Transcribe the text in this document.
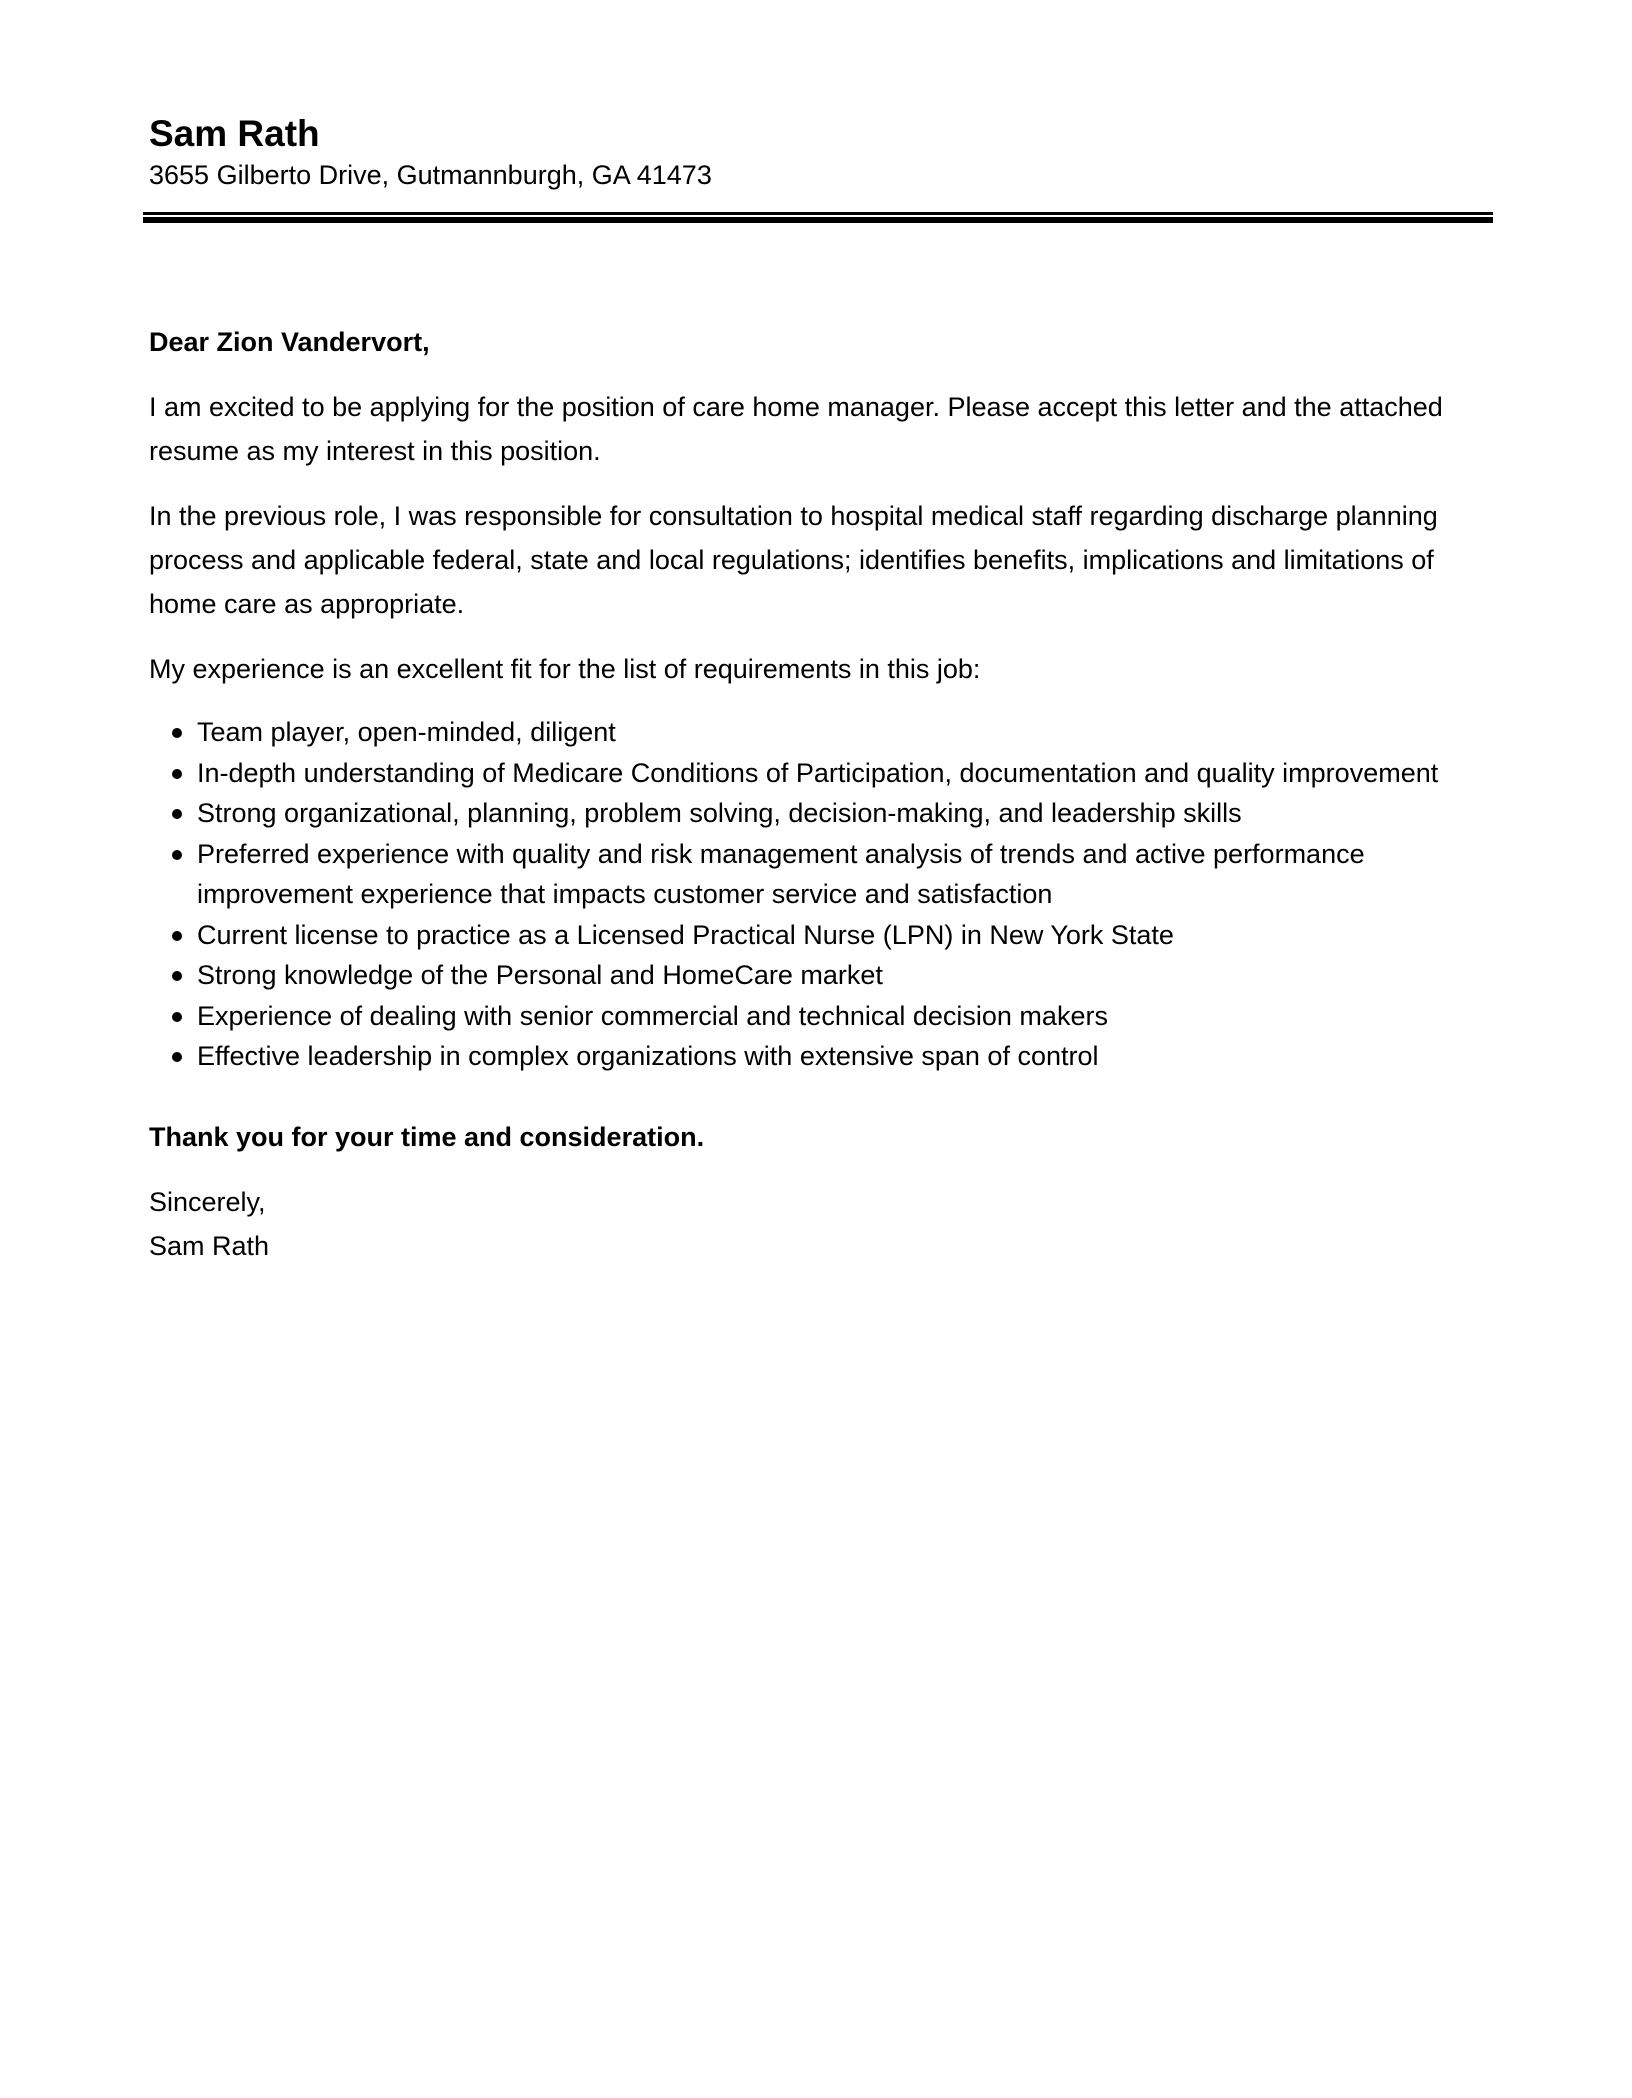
Sam Rath
3655 Gilberto Drive, Gutmannburgh, GA 41473

Dear Zion Vandervort,

I am excited to be applying for the position of care home manager. Please accept this letter and the attached resume as my interest in this position.

In the previous role, I was responsible for consultation to hospital medical staff regarding discharge planning process and applicable federal, state and local regulations; identifies benefits, implications and limitations of home care as appropriate.

My experience is an excellent fit for the list of requirements in this job:

Team player, open-minded, diligent
In-depth understanding of Medicare Conditions of Participation, documentation and quality improvement
Strong organizational, planning, problem solving, decision-making, and leadership skills
Preferred experience with quality and risk management analysis of trends and active performance improvement experience that impacts customer service and satisfaction
Current license to practice as a Licensed Practical Nurse (LPN) in New York State
Strong knowledge of the Personal and HomeCare market
Experience of dealing with senior commercial and technical decision makers
Effective leadership in complex organizations with extensive span of control

Thank you for your time and consideration.

Sincerely,

Sam Rath
